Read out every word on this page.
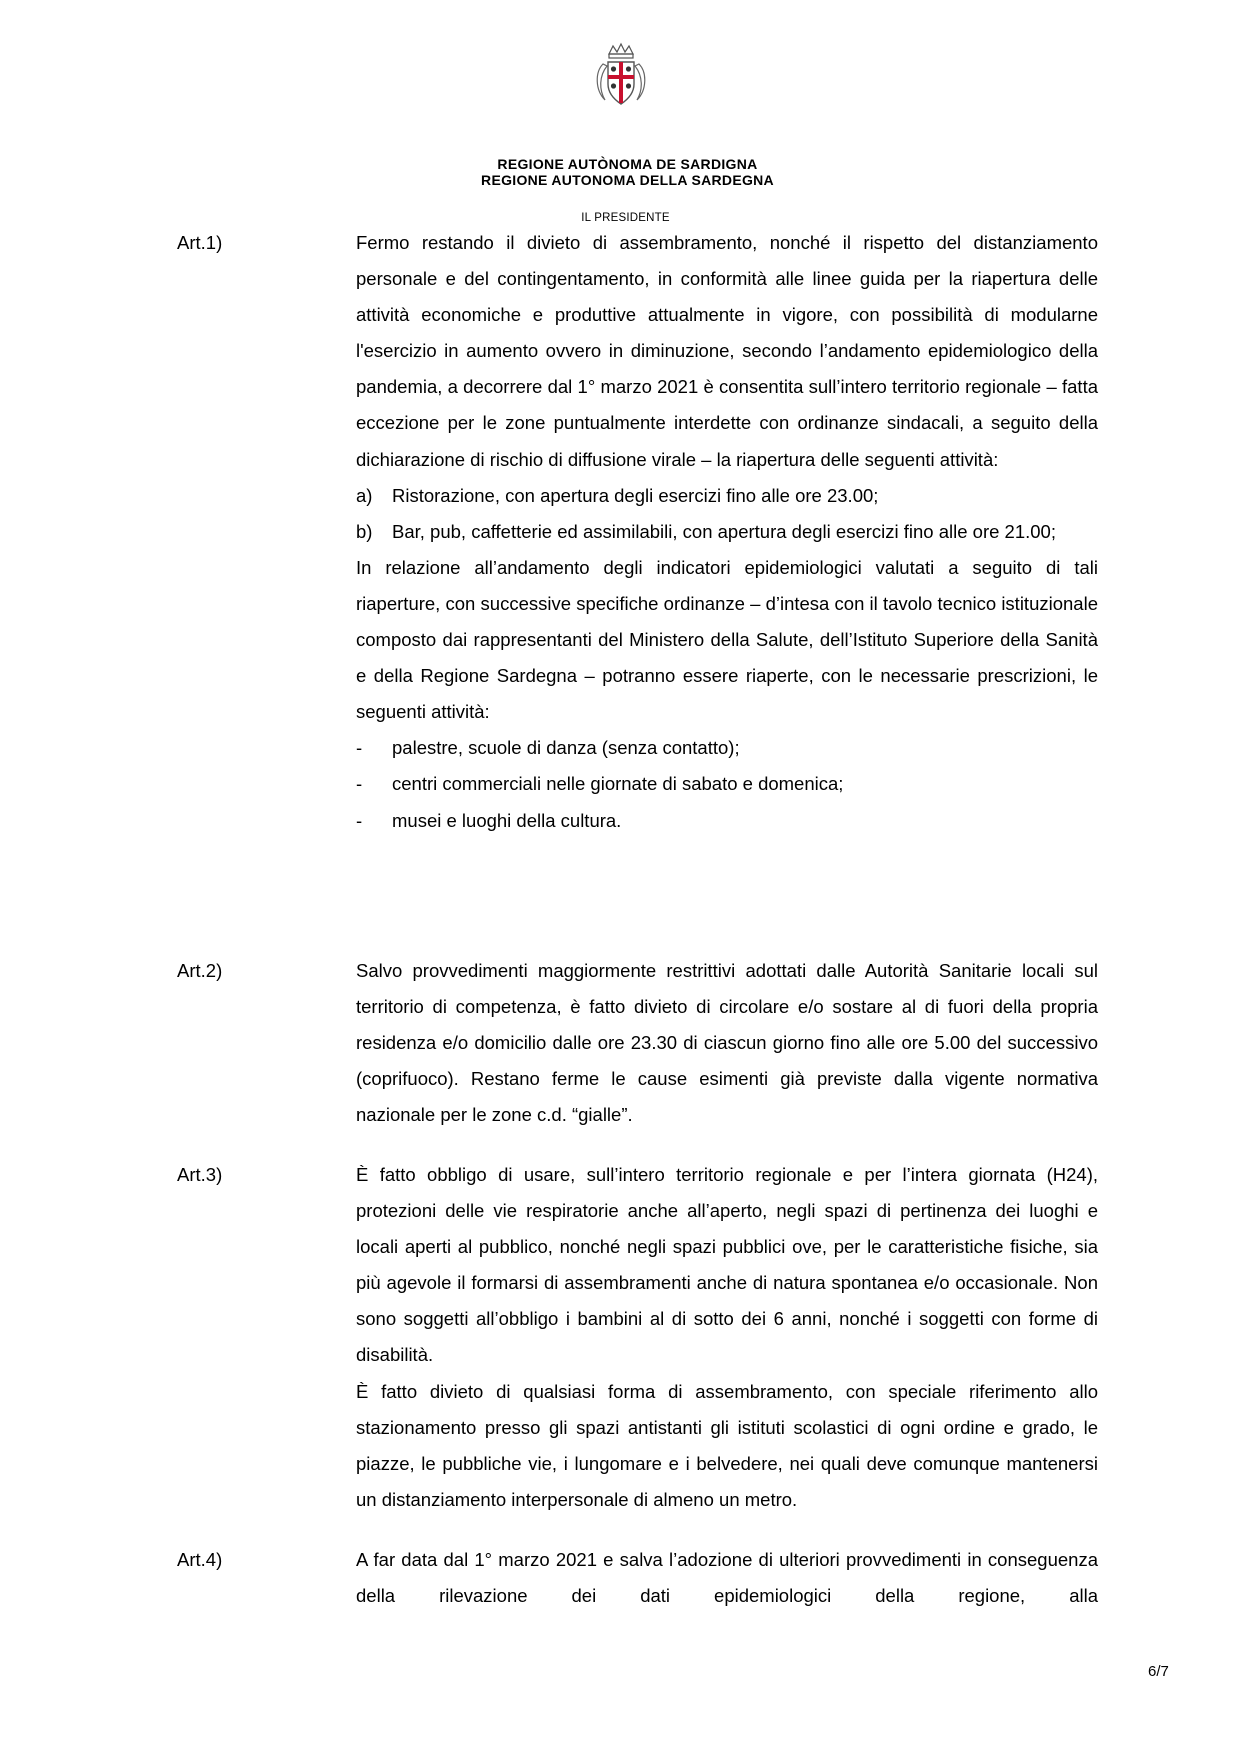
REGIONE AUTÒNOMA DE SARDIGNA
REGIONE AUTONOMA DELLA SARDEGNA
IL PRESIDENTE
Art.1)	Fermo restando il divieto di assembramento, nonché il rispetto del distanziamento personale e del contingentamento, in conformità alle linee guida per la riapertura delle attività economiche e produttive attualmente in vigore, con possibilità di modularne l'esercizio in aumento ovvero in diminuzione, secondo l’andamento epidemiologico della pandemia, a decorrere dal 1° marzo 2021 è consentita sull’intero territorio regionale – fatta eccezione per le zone puntualmente interdette con ordinanze sindacali, a seguito della dichiarazione di rischio di diffusione virale – la riapertura delle seguenti attività:

a)	Ristorazione, con apertura degli esercizi fino alle ore 23.00;
b)	Bar, pub, caffetterie ed assimilabili, con apertura degli esercizi fino alle ore 21.00;

In relazione all’andamento degli indicatori epidemiologici valutati a seguito di tali riaperture, con successive specifiche ordinanze – d’intesa con il tavolo tecnico istituzionale composto dai rappresentanti del Ministero della Salute, dell’Istituto Superiore della Sanità e della Regione Sardegna – potranno essere riaperte, con le necessarie prescrizioni, le seguenti attività:

-	palestre, scuole di danza (senza contatto);
-	centri commerciali nelle giornate di sabato e domenica;
-	musei e luoghi della cultura.
Art.2)	Salvo provvedimenti maggiormente restrittivi adottati dalle Autorità Sanitarie locali sul territorio di competenza, è fatto divieto di circolare e/o sostare al di fuori della propria residenza e/o domicilio dalle ore 23.30 di ciascun giorno fino alle ore 5.00 del successivo (coprifuoco). Restano ferme le cause esimenti già previste dalla vigente normativa nazionale per le zone c.d. “gialle”.

Art.3)	È fatto obbligo di usare, sull’intero territorio regionale e per l’intera giornata (H24), protezioni delle vie respiratorie anche all’aperto, negli spazi di pertinenza dei luoghi e locali aperti al pubblico, nonché negli spazi pubblici ove, per le caratteristiche fisiche, sia più agevole il formarsi di assembramenti anche di natura spontanea e/o occasionale. Non sono soggetti all’obbligo i bambini al di sotto dei 6 anni, nonché i soggetti con forme di disabilità.

È fatto divieto di qualsiasi forma di assembramento, con speciale riferimento allo stazionamento presso gli spazi antistanti gli istituti scolastici di ogni ordine e grado, le piazze, le pubbliche vie, i lungomare e i belvedere, nei quali deve comunque mantenersi un distanziamento interpersonale di almeno un metro.

Art.4)	A far data dal 1° marzo 2021 e salva l’adozione di ulteriori provvedimenti in conseguenza della rilevazione dei dati epidemiologici della regione, alla

6/7
